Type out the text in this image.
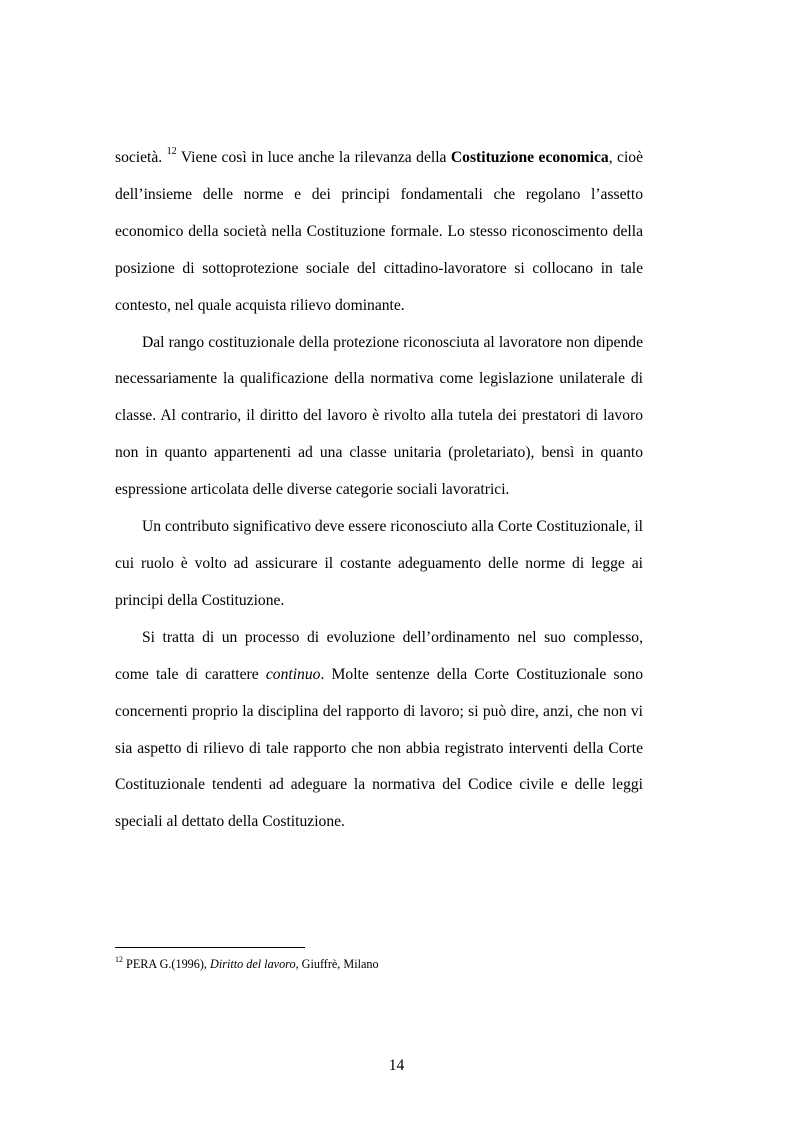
società. $^{12}$ Viene così in luce anche la rilevanza della Costituzione economica, cioè dell’insieme delle norme e dei principi fondamentali che regolano l’assetto economico della società nella Costituzione formale. Lo stesso riconoscimento della posizione di sottoprotezione sociale del cittadino-lavoratore si collocano in tale contesto, nel quale acquista rilievo dominante.

Dal rango costituzionale della protezione riconosciuta al lavoratore non dipende necessariamente la qualificazione della normativa come legislazione unilaterale di classe. Al contrario, il diritto del lavoro è rivolto alla tutela dei prestatori di lavoro non in quanto appartenenti ad una classe unitaria (proletariato), bensì in quanto espressione articolata delle diverse categorie sociali lavoratrici.

Un contributo significativo deve essere riconosciuto alla Corte Costituzionale, il cui ruolo è volto ad assicurare il costante adeguamento delle norme di legge ai principi della Costituzione.

Si tratta di un processo di evoluzione dell’ordinamento nel suo complesso, come tale di carattere continuo. Molte sentenze della Corte Costituzionale sono concernenti proprio la disciplina del rapporto di lavoro; si può dire, anzi, che non vi sia aspetto di rilievo di tale rapporto che non abbia registrato interventi della Corte Costituzionale tendenti ad adeguare la normativa del Codice civile e delle leggi speciali al dettato della Costituzione.

$^{12}$ PERA G.(1996), Diritto del lavoro, Giuffrè, Milano
14
